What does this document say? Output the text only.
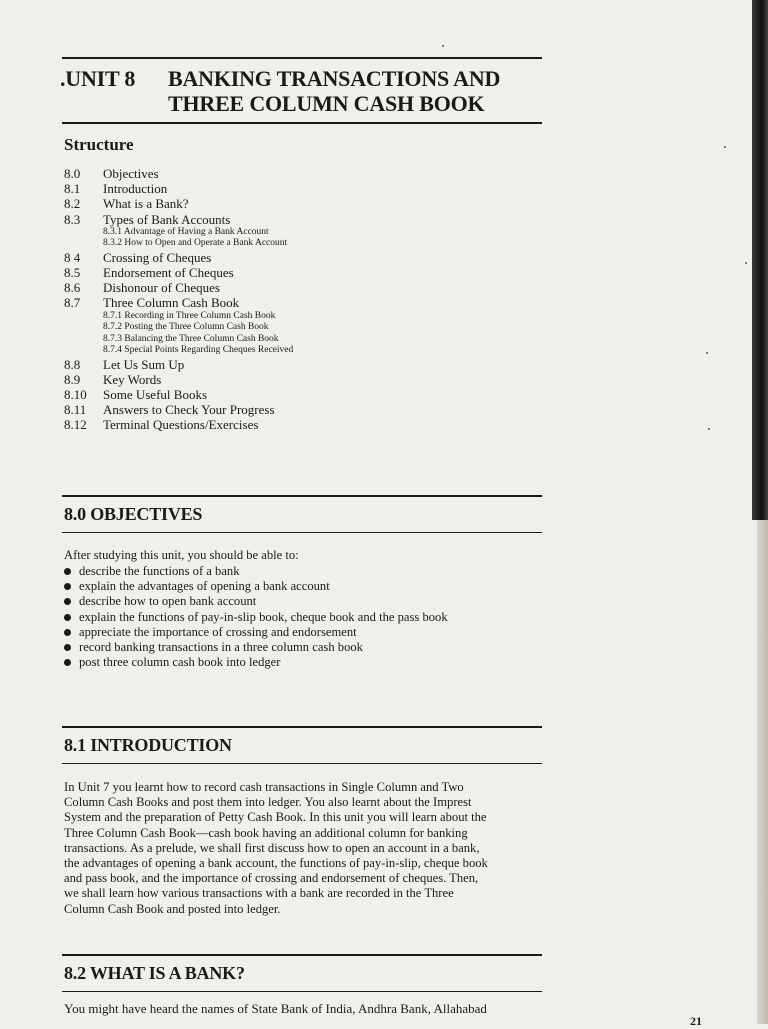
.UNIT 8 BANKING TRANSACTIONS AND
THREE COLUMN CASH BOOK
Structure
8.0 Objectives
8.1 Introduction
8.2 What is a Bank?
8.3 Types of Bank Accounts
8.3.1 Advantage of Having a Bank Account
8.3.2 How to Open and Operate a Bank Account
8 4 Crossing of Cheques
8.5 Endorsement of Cheques
8.6 Dishonour of Cheques
8.7 Three Column Cash Book
8.7.1 Recording in Three Column Cash Book
8.7.2 Posting the Three Column Cash Book
8.7.3 Balancing the Three Column Cash Book
8.7.4 Special Points Regarding Cheques Received
8.8 Let Us Sum Up
8.9 Key Words
8.10 Some Useful Books
8.11 Answers to Check Your Progress
8.12 Terminal Questions/Exercises
8.0 OBJECTIVES
After studying this unit, you should be able to:
describe the functions of a bank
explain the advantages of opening a bank account
describe how to open bank account
explain the functions of pay-in-slip book, cheque book and the pass book
appreciate the importance of crossing and endorsement
record banking transactions in a three column cash book
post three column cash book into ledger
8.1 INTRODUCTION
In Unit 7 you learnt how to record cash transactions in Single Column and Two
Column Cash Books and post them into ledger. You also learnt about the Imprest
System and the preparation of Petty Cash Book. In this unit you will learn about the
Three Column Cash Book—cash book having an additional column for banking
transactions. As a prelude, we shall first discuss how to open an account in a bank,
the advantages of opening a bank account, the functions of pay-in-slip, cheque book
and pass book, and the importance of crossing and endorsement of cheques. Then,
we shall learn how various transactions with a bank are recorded in the Three
Column Cash Book and posted into ledger.
8.2 WHAT IS A BANK?
You might have heard the names of State Bank of India, Andhra Bank, Allahabad
21
